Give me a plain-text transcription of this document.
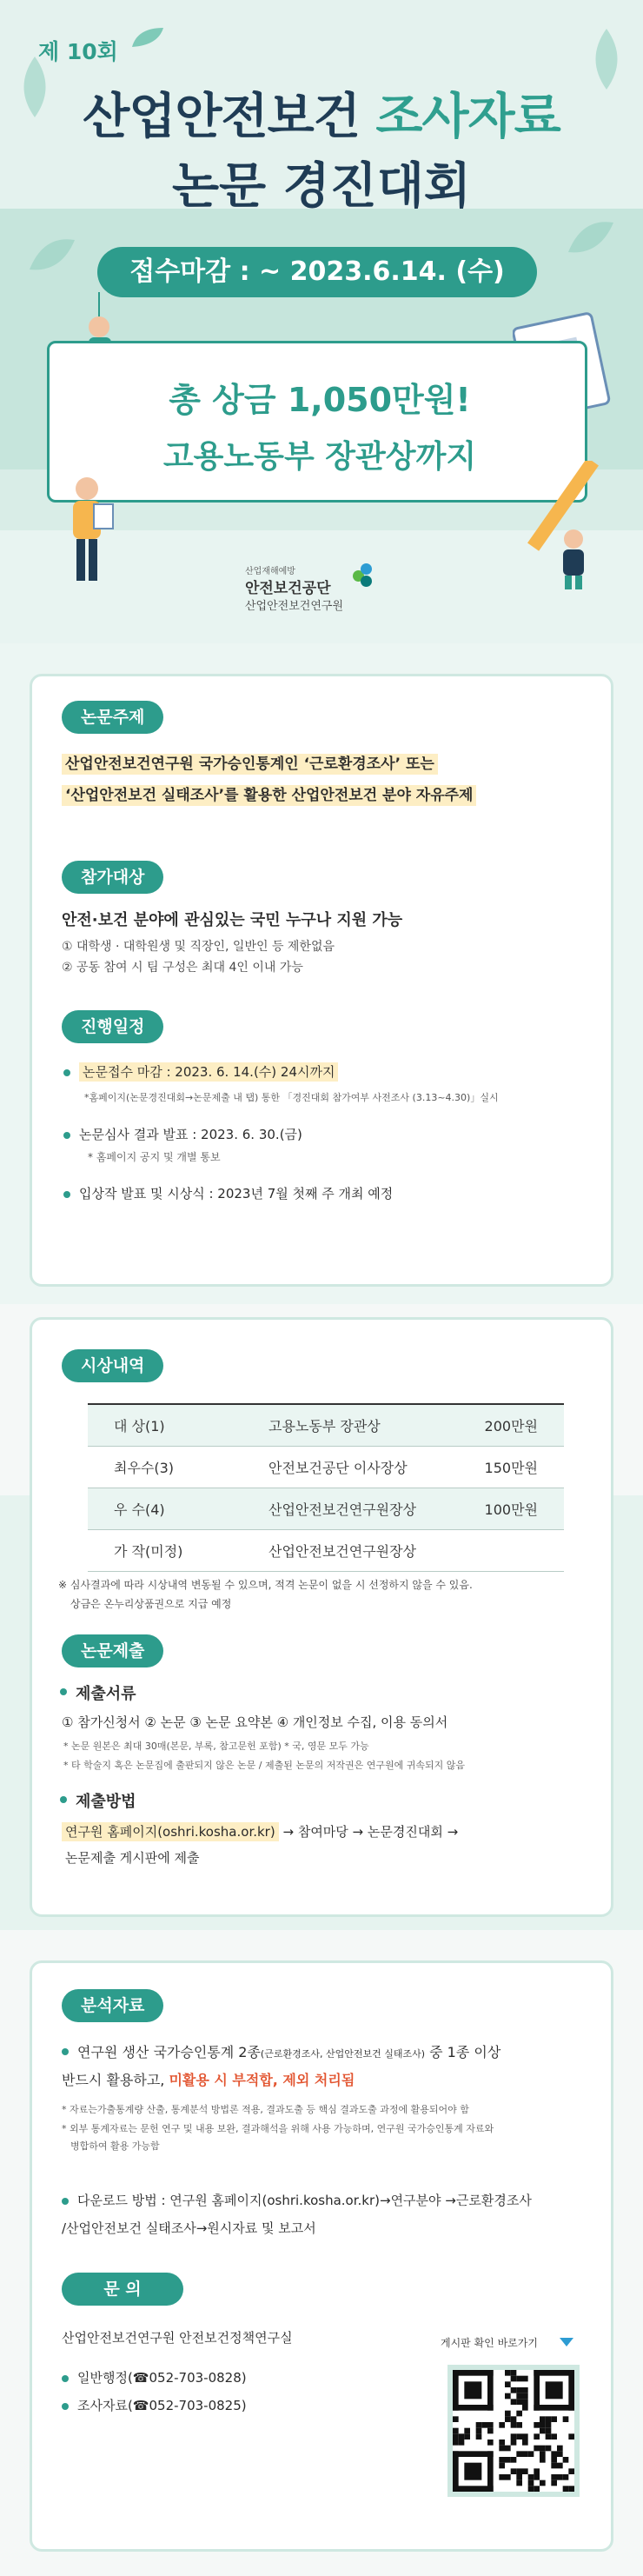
제 10회
산업안전보건 조사자료
논문 경진대회
접수마감 : ~ 2023.6.14. (수)
총 상금 1,050만원!
고용노동부 장관상까지
산업재해예방
안전보건공단
산업안전보건연구원
논문주제
산업안전보건연구원 국가승인통계인 ‘근로환경조사’ 또는
‘산업안전보건 실태조사’를 활용한 산업안전보건 분야 자유주제
참가대상
안전·보건 분야에 관심있는 국민 누구나 지원 가능
① 대학생 · 대학원생 및 직장인, 일반인 등 제한없음
② 공동 참여 시 팀 구성은 최대 4인 이내 가능
진행일정
논문접수 마감 : 2023. 6. 14.(수) 24시까지
*홈페이지(논문경진대회→논문제출 내 탭) 통한 「경진대회 참가여부 사전조사 (3.13~4.30)」실시
논문심사 결과 발표 : 2023. 6. 30.(금)
* 홈페이지 공지 및 개별 통보
입상작 발표 및 시상식 : 2023년 7월 첫째 주 개최 예정
시상내역
대 상(1)	고용노동부 장관상	200만원
최우수(3)	안전보건공단 이사장상	150만원
우 수(4)	산업안전보건연구원장상	100만원
가 작(미정)	산업안전보건연구원장상	
※ 심사결과에 따라 시상내역 변동될 수 있으며, 적격 논문이 없을 시 선정하지 않을 수 있음.
상금은 온누리상품권으로 지급 예정
논문제출
제출서류
① 참가신청서 ② 논문 ③ 논문 요약본 ④ 개인정보 수집, 이용 동의서
* 논문 원본은 최대 30매(본문, 부록, 참고문헌 포함) * 국, 영문 모두 가능
* 타 학술지 혹은 논문집에 출판되지 않은 논문 / 제출된 논문의 저작권은 연구원에 귀속되지 않음
제출방법
연구원 홈페이지(oshri.kosha.or.kr) → 참여마당 → 논문경진대회 →
논문제출 게시판에 제출
분석자료
연구원 생산 국가승인통계 2종(근로환경조사, 산업안전보건 실태조사) 중 1종 이상
반드시 활용하고, 미활용 시 부적합, 제외 처리됨
* 자료는가출통계량 산출, 통계분석 방법론 적용, 결과도출 등 핵심 결과도출 과정에 활용되어야 함
* 외부 통계자료는 문헌 연구 및 내용 보완, 결과해석을 위해 사용 가능하며, 연구원 국가승인통계 자료와
병합하여 활용 가능함
다운로드 방법 : 연구원 홈페이지(oshri.kosha.or.kr)→연구분야 →근로환경조사
/산업안전보건 실태조사→원시자료 및 보고서
문 의
산업안전보건연구원 안전보건정책연구실
일반행정(☎052-703-0828)
조사자료(☎052-703-0825)
게시판 확인 바로가기
